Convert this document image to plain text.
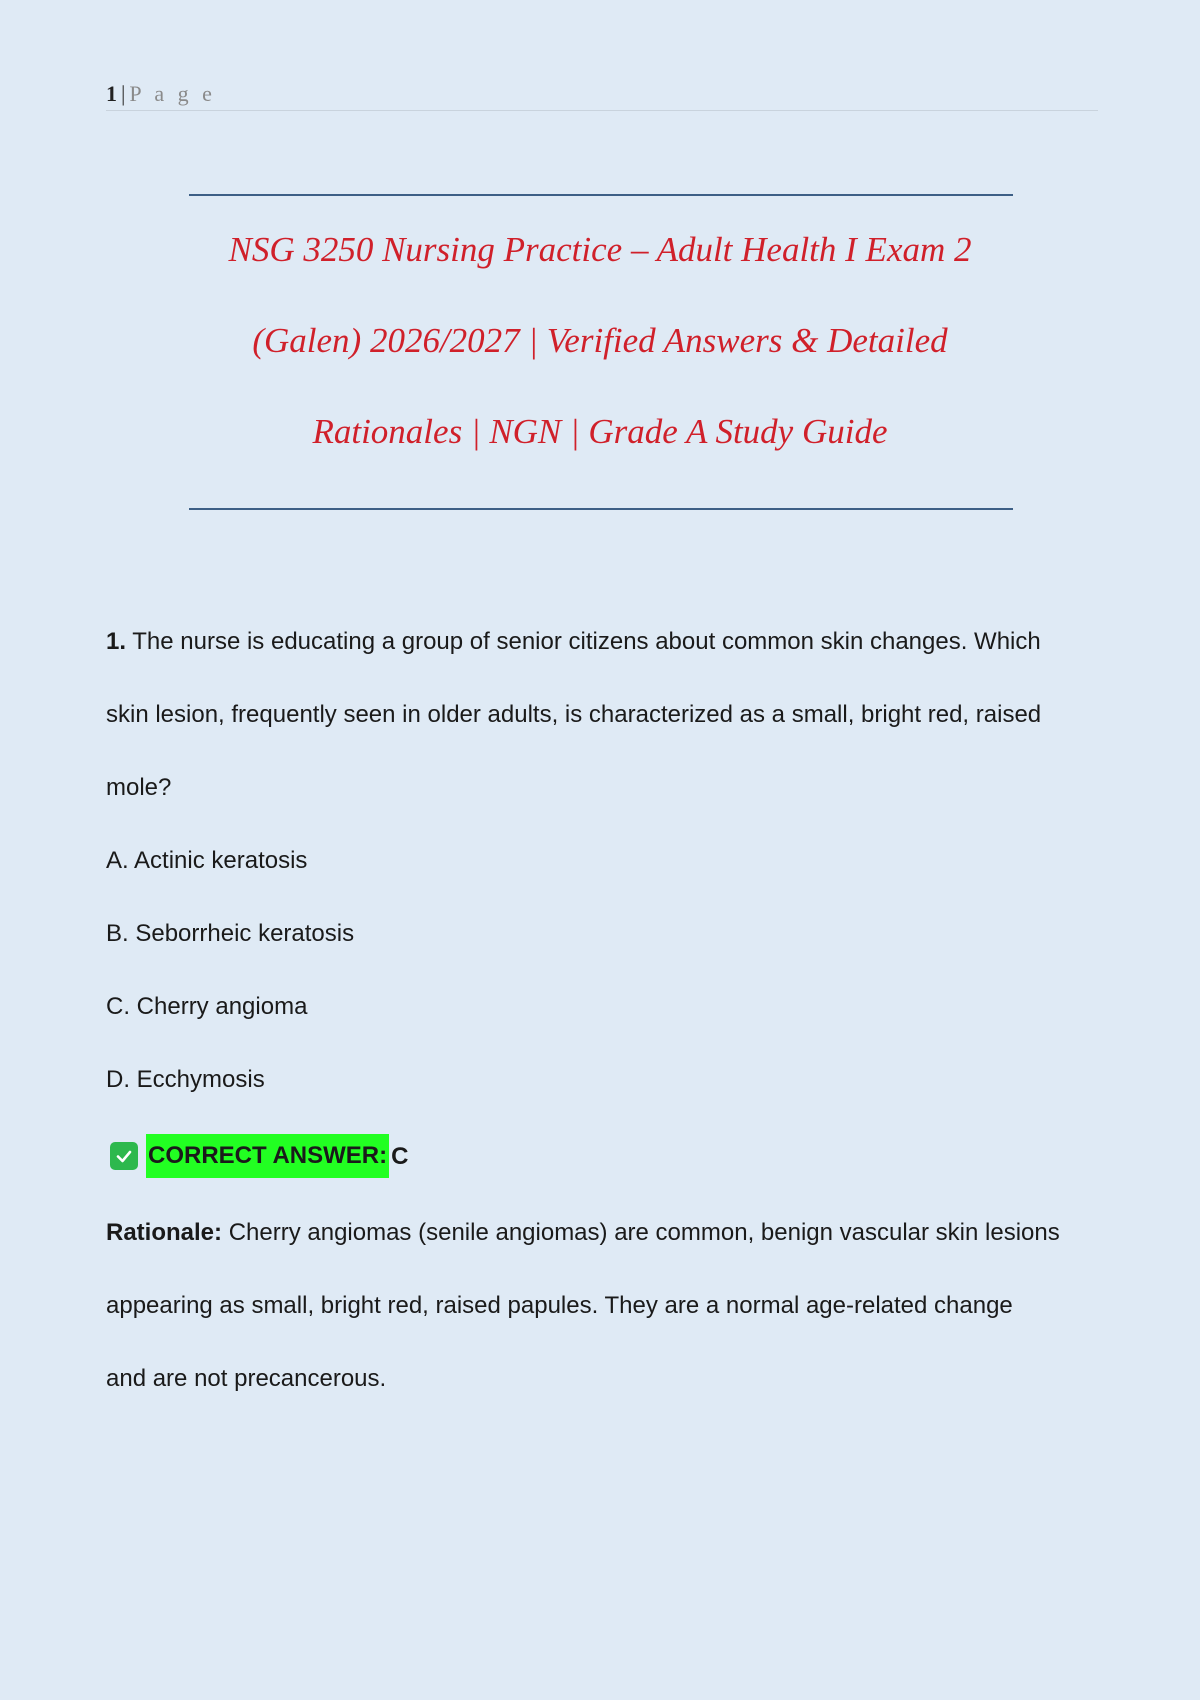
1 | P a g e
NSG 3250 Nursing Practice – Adult Health I Exam 2
(Galen) 2026/2027 | Verified Answers & Detailed
Rationales | NGN | Grade A Study Guide

1. The nurse is educating a group of senior citizens about common skin changes. Which

skin lesion, frequently seen in older adults, is characterized as a small, bright red, raised

mole?

A. Actinic keratosis

B. Seborrheic keratosis

C. Cherry angioma

D. Ecchymosis

CORRECT ANSWER: C

Rationale: Cherry angiomas (senile angiomas) are common, benign vascular skin lesions

appearing as small, bright red, raised papules. They are a normal age-related change

and are not precancerous.
